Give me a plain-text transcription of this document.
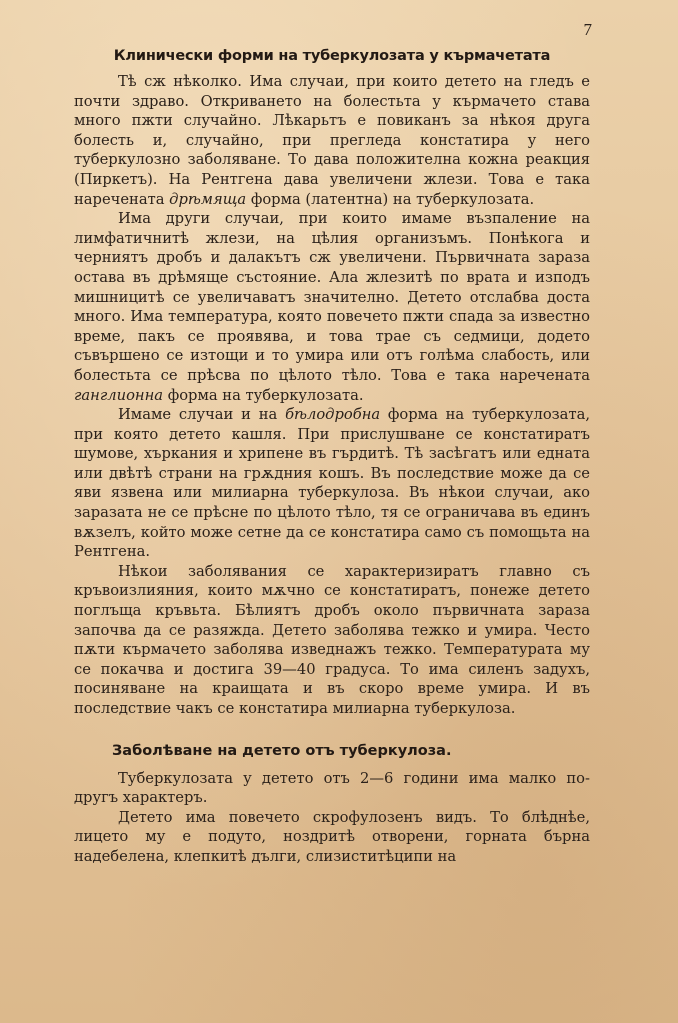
7
Клинически форми на туберкулозата у кърмачетата

Тѣ сж нѣколко. Има случаи, при които детето на гледъ е почти здраво. Откриването на болестьта у кърмачето става много пжти случайно. Лѣкарьтъ е повиканъ за нѣкоя друга болесть и, случайно, при прегледа констатира у него туберкулозно заболяване. То дава положителна кожна реакция (Пиркетъ). На Рентгена дава увеличени жлези. Това е така наречената дрѣмяща форма (латентна) на туберкулозата.

Има други случаи, при които имаме възпаление на лимфатичнитѣ жлези, на цѣлия организъмъ. Понѣкога и черниятъ дробъ и далакътъ сж увеличени. Първичната зараза остава въ дрѣмяще състояние. Ала жлезитѣ по врата и изподъ мишницитѣ се увеличаватъ значително. Детето отслабва доста много. Има температура, която повечето пжти спада за известно време, пакъ се проявява, и това трае съ седмици, додето съвършено се изтощи и то умира или отъ голѣма слабость, или болестьта се прѣсва по цѣлото тѣло. Това е така наречената ганглионна форма на туберкулозата.

Имаме случаи и на бѣлодробна форма на туберкулозата, при която детето кашля. При прислушване се констатиратъ шумове, хъркания и хрипене въ гърдитѣ. Тѣ засѣгатъ или едната или двѣтѣ страни на грѫдния кошъ. Въ последствие може да се яви язвена или милиарна туберкулоза. Въ нѣкои случаи, ако заразата не се прѣсне по цѣлото тѣло, тя се ограничава въ единъ вѫзелъ, който може сетне да се констатира само съ помощьта на Рентгена.

Нѣкои заболявания се характеризиратъ главно съ кръвоизлияния, които мѫчно се констатиратъ, понеже детето поглъща кръвьта. Бѣлиятъ дробъ около първичната зараза започва да се разяжда. Детето заболява тежко и умира. Често пѫти кърмачето заболява изведнажъ тежко. Температурата му се покачва и достига 39—40 градуса. То има силенъ задухъ, посиняване на краищата и въ скоро време умира. И въ последствие чакъ се констатира милиарна туберкулоза.

Заболѣване на детето отъ туберкулоза.

Туберкулозата у детето отъ 2—6 години има малко по-другъ характеръ.

Детето има повечето скрофулозенъ видъ. То блѣднѣе, лицето му е подуто, ноздритѣ отворени, горната бърна надебелена, клепкитѣ дълги, слизиститѣципи на
